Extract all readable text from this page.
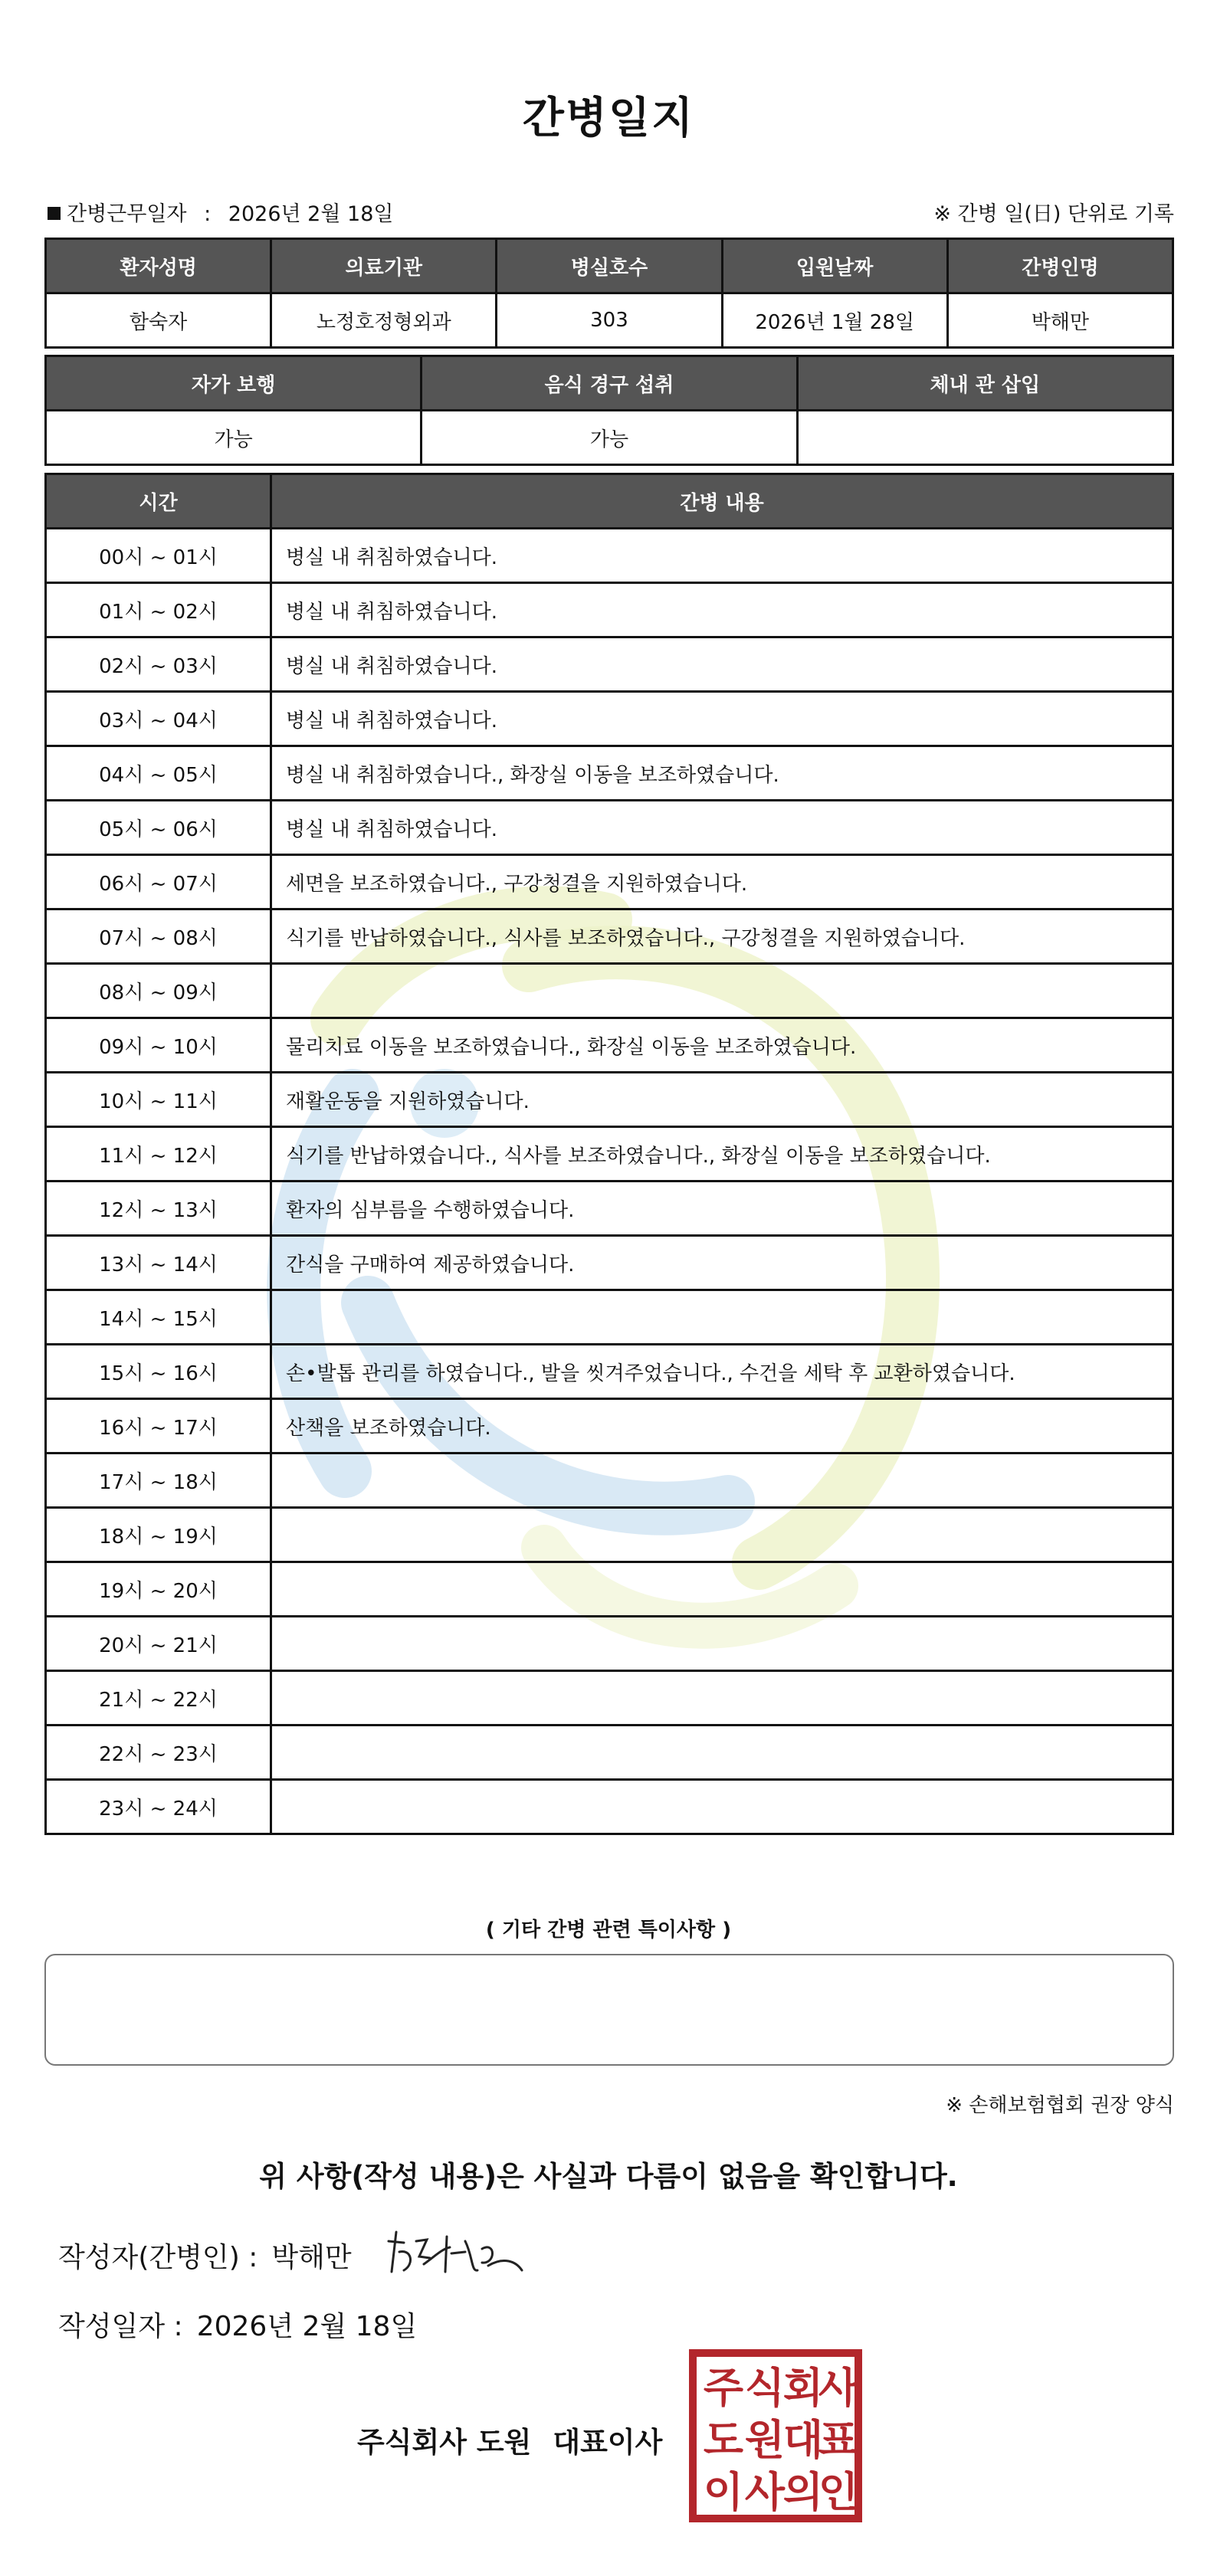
간병일지
간병근무일자 : 2026년 2월 18일	※ 간병 일(日) 단위로 기록
환자성명	의료기관	병실호수	입원날짜	간병인명
함숙자	노정호정형외과	303	2026년 1월 28일	박해만
자가 보행	음식 경구 섭취	체내 관 삽입
가능	가능	
시간	간병 내용
00시 ~ 01시	병실 내 취침하였습니다.
01시 ~ 02시	병실 내 취침하였습니다.
02시 ~ 03시	병실 내 취침하였습니다.
03시 ~ 04시	병실 내 취침하였습니다.
04시 ~ 05시	병실 내 취침하였습니다., 화장실 이동을 보조하였습니다.
05시 ~ 06시	병실 내 취침하였습니다.
06시 ~ 07시	세면을 보조하였습니다., 구강청결을 지원하였습니다.
07시 ~ 08시	식기를 반납하였습니다., 식사를 보조하였습니다., 구강청결을 지원하였습니다.
08시 ~ 09시	
09시 ~ 10시	물리치료 이동을 보조하였습니다., 화장실 이동을 보조하였습니다.
10시 ~ 11시	재활운동을 지원하였습니다.
11시 ~ 12시	식기를 반납하였습니다., 식사를 보조하였습니다., 화장실 이동을 보조하였습니다.
12시 ~ 13시	환자의 심부름을 수행하였습니다.
13시 ~ 14시	간식을 구매하여 제공하였습니다.
14시 ~ 15시	
15시 ~ 16시	손•발톱 관리를 하였습니다., 발을 씻겨주었습니다., 수건을 세탁 후 교환하였습니다.
16시 ~ 17시	산책을 보조하였습니다.
17시 ~ 18시	
18시 ~ 19시	
19시 ~ 20시	
20시 ~ 21시	
21시 ~ 22시	
22시 ~ 23시	
23시 ~ 24시	
( 기타 간병 관련 특이사항 )
※ 손해보험협회 권장 양식
위 사항(작성 내용)은 사실과 다름이 없음을 확인합니다.
작성자(간병인) : 박해만
작성일자 : 2026년 2월 18일
주식회사 도원 대표이사
주 식
회
사
도 원
대
표
이 사
의
인
